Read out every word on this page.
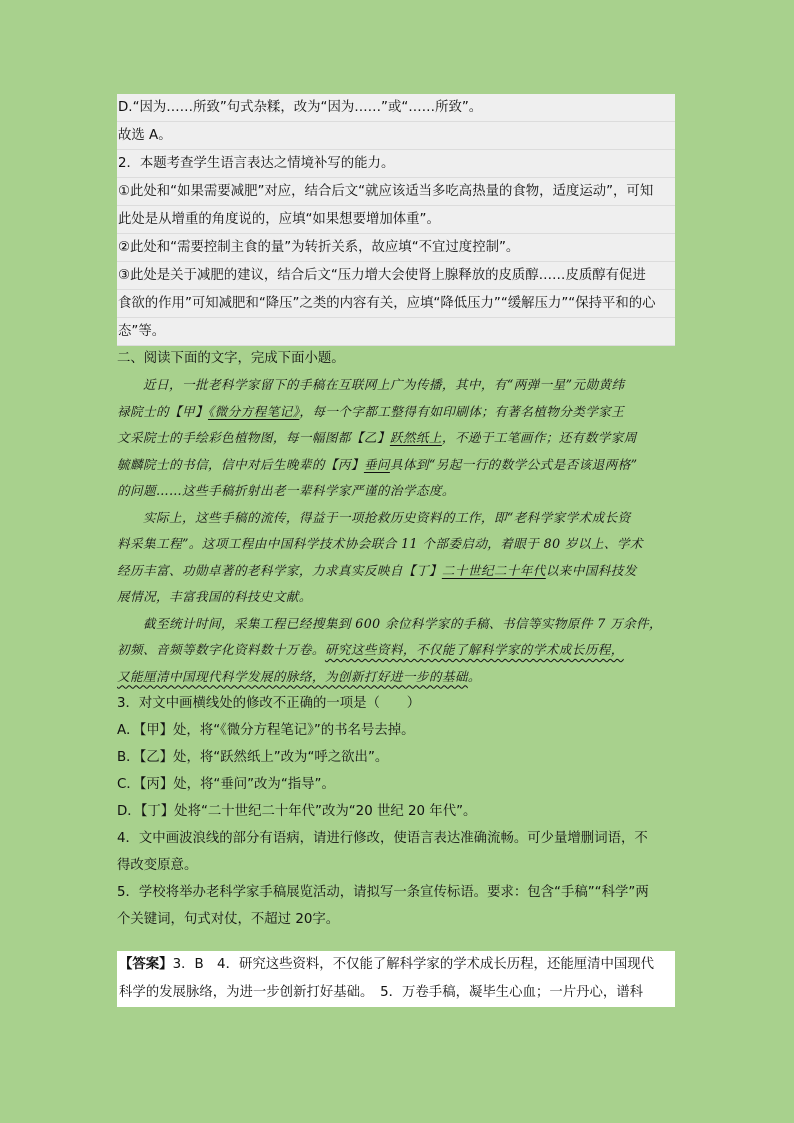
D.“因为……所致”句式杂糅，改为“因为……”或“……所致”。
故选 A。
2．本题考查学生语言表达之情境补写的能力。
①此处和“如果需要减肥”对应，结合后文“就应该适当多吃高热量的食物，适度运动”，可知
此处是从增重的角度说的，应填“如果想要增加体重”。
②此处和“需要控制主食的量”为转折关系，故应填“不宜过度控制”。
③此处是关于减肥的建议，结合后文“压力增大会使肾上腺释放的皮质醇……皮质醇有促进
食欲的作用”可知减肥和“降压”之类的内容有关，应填“降低压力”“缓解压力”“保持平和的心
态”等。
二、阅读下面的文字，完成下面小题。
近日，一批老科学家留下的手稿在互联网上广为传播，其中，有“两弹一星”元勋黄纬
禄院士的【甲】《微分方程笔记》，每一个字都工整得有如印刷体；有著名植物分类学家王
文采院士的手绘彩色植物图，每一幅图都【乙】跃然纸上，不逊于工笔画作；还有数学家周
毓麟院士的书信，信中对后生晚辈的【丙】垂问具体到“另起一行的数学公式是否该退两格”
的问题……这些手稿折射出老一辈科学家严谨的治学态度。
实际上，这些手稿的流传，得益于一项抢救历史资料的工作，即“老科学家学术成长资
料采集工程”。这项工程由中国科学技术协会联合 11 个部委启动，着眼于 80 岁以上、学术
经历丰富、功勋卓著的老科学家，力求真实反映自【丁】二十世纪二十年代以来中国科技发
展情况，丰富我国的科技史文献。
截至统计时间，采集工程已经搜集到 600 余位科学家的手稿、书信等实物原件 7 万余件，
初频、音频等数字化资料数十万卷。研究这些资料，不仅能了解科学家的学术成长历程，
又能厘清中国现代科学发展的脉络，为创新打好进一步的基础。
3．对文中画横线处的修改不正确的一项是（　　）
A．【甲】处，将“《微分方程笔记》”的书名号去掉。
B．【乙】处，将“跃然纸上”改为“呼之欲出”。
C．【丙】处，将“垂问”改为“指导”。
D．【丁】处将“二十世纪二十年代”改为“20 世纪 20 年代”。
4．文中画波浪线的部分有语病，请进行修改，使语言表达准确流畅。可少量增删词语，不
得改变原意。
5．学校将举办老科学家手稿展览活动，请拟写一条宣传标语。要求：包含“手稿”“科学”两
个关键词，句式对仗，不超过 20字。
【答案】3．B　4．研究这些资料，不仅能了解科学家的学术成长历程，还能厘清中国现代
科学的发展脉络，为进一步创新打好基础。　5．万卷手稿，凝毕生心血；一片丹心，谱科
